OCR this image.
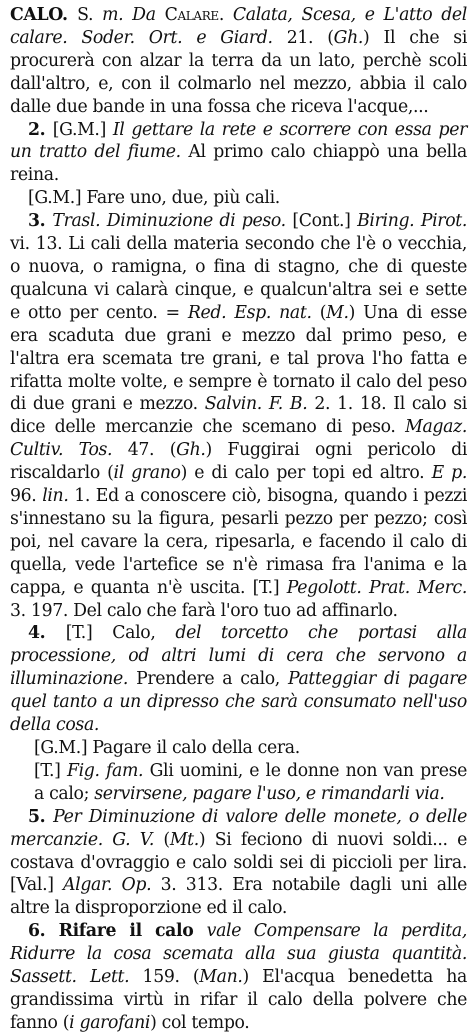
CALO. S. m. Da Calare. Calata, Scesa, e L'atto del calare. Soder. Ort. e Giard. 21. (Gh.) Il che si procurerà con alzar la terra da un lato, perchè scoli dall'altro, e, con il colmarlo nel mezzo, abbia il calo dalle due bande in una fossa che riceva l'acque,...

2. [G.M.] Il gettare la rete e scorrere con essa per un tratto del fiume. Al primo calo chiappò una bella reina.

[G.M.] Fare uno, due, più cali.

3. Trasl. Diminuzione di peso. [Cont.] Biring. Pirot. vi. 13. Li cali della materia secondo che l'è o vecchia, o nuova, o ramigna, o fina di stagno, che di queste qualcuna vi calarà cinque, e qualcun'altra sei e sette e otto per cento. = Red. Esp. nat. (M.) Una di esse era scaduta due grani e mezzo dal primo peso, e l'altra era scemata tre grani, e tal prova l'ho fatta e rifatta molte volte, e sempre è tornato il calo del peso di due grani e mezzo. Salvin. F. B. 2. 1. 18. Il calo si dice delle mercanzie che scemano di peso. Magaz. Cultiv. Tos. 47. (Gh.) Fuggirai ogni pericolo di riscaldarlo (il grano) e di calo per topi ed altro. E p. 96. lin. 1. Ed a conoscere ciò, bisogna, quando i pezzi s'innestano su la figura, pesarli pezzo per pezzo; così poi, nel cavare la cera, ripesarla, e facendo il calo di quella, vede l'artefice se n'è rimasa fra l'anima e la cappa, e quanta n'è uscita. [T.] Pegolott. Prat. Merc. 3. 197. Del calo che farà l'oro tuo ad affinarlo.

4. [T.] Calo, del torcetto che portasi alla processione, od altri lumi di cera che servono a illuminazione. Prendere a calo, Patteggiar di pagare quel tanto a un dipresso che sarà consumato nell'uso della cosa.

[G.M.] Pagare il calo della cera.

[T.] Fig. fam. Gli uomini, e le donne non van prese a calo; servirsene, pagare l'uso, e rimandarli via.

5. Per Diminuzione di valore delle monete, o delle mercanzie. G. V. (Mt.) Si feciono di nuovi soldi... e costava d'ovraggio e calo soldi sei di piccioli per lira. [Val.] Algar. Op. 3. 313. Era notabile dagli uni alle altre la disproporzione ed il calo.

6. Rifare il calo vale Compensare la perdita, Ridurre la cosa scemata alla sua giusta quantità. Sassett. Lett. 159. (Man.) El'acqua benedetta ha grandissima virtù in rifar il calo della polvere che fanno (i garofani) col tempo.
